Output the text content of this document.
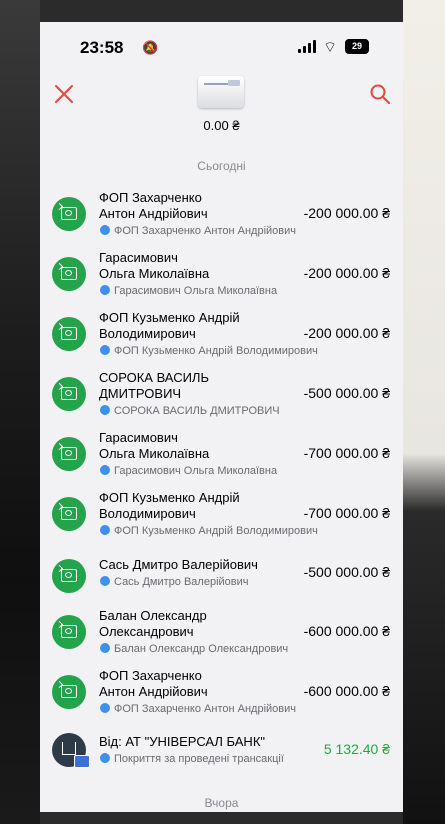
23:58 🔕	⌔	29
0.00 ₴
Сьогодні
ФОП Захарченко
Антон Андрійович
ФОП Захарченко Антон Андрійович
-200 000.00 ₴
Гарасимович
Ольга Миколаївна
Гарасимович Ольга Миколаївна
-200 000.00 ₴
ФОП Кузьменко Андрій
Володимирович
ФОП Кузьменко Андрій Володимирович
-200 000.00 ₴
СОРОКА ВАСИЛЬ
ДМИТРОВИЧ
СОРОКА ВАСИЛЬ ДМИТРОВИЧ
-500 000.00 ₴
Гарасимович
Ольга Миколаївна
Гарасимович Ольга Миколаївна
-700 000.00 ₴
ФОП Кузьменко Андрій
Володимирович
ФОП Кузьменко Андрій Володимирович
-700 000.00 ₴
Сась Дмитро Валерійович
Сась Дмитро Валерійович
-500 000.00 ₴
Балан Олександр
Олександрович
Балан Олександр Олександрович
-600 000.00 ₴
ФОП Захарченко
Антон Андрійович
ФОП Захарченко Антон Андрійович
-600 000.00 ₴
Від: АТ "УНІВЕРСАЛ БАНК"
Покриття за проведені трансакції
5 132.40 ₴
Вчора
